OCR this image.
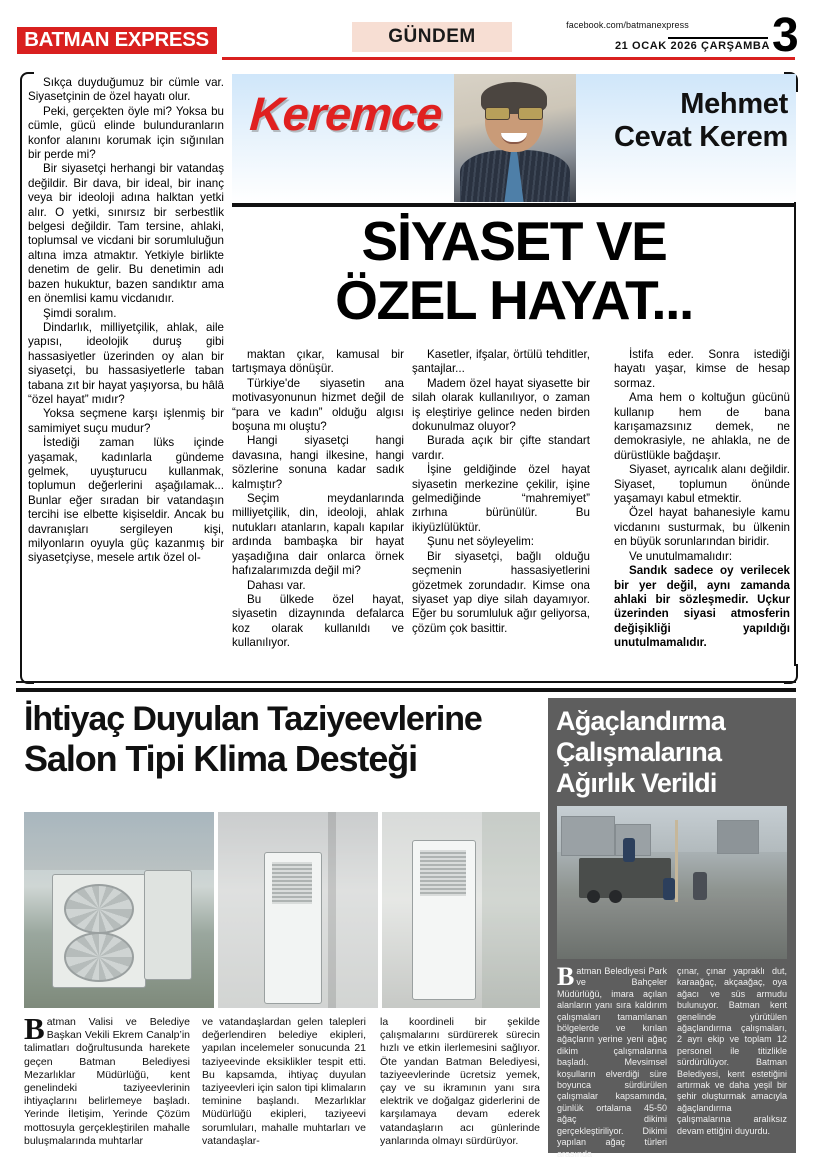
BATMAN EXPRESS	GÜNDEM
facebook.com/batmanexpress
21 OCAK 2026 ÇARŞAMBA 3
Keremce	Mehmet
Cevat Kerem
SİYASET VE
ÖZEL HAYAT...

Sıkça duyduğumuz bir cümle var. Siyasetçinin de özel hayatı olur.

Peki, gerçekten öyle mi? Yoksa bu cümle, gücü elinde bulunduranların konfor alanını korumak için sığınılan bir perde mi?

Bir siyasetçi herhangi bir vatandaş değildir. Bir dava, bir ideal, bir inanç veya bir ideoloji adına halktan yetki alır. O yetki, sınırsız bir serbestlik belgesi değildir. Tam tersine, ahlaki, toplumsal ve vicdani bir sorumluluğun altına imza atmaktır. Yetkiyle birlikte denetim de gelir. Bu denetimin adı bazen hukuktur, bazen sandıktır ama en önemlisi kamu vicdanıdır.

Şimdi soralım.

Dindarlık, milliyetçilik, ahlak, aile yapısı, ideolojik duruş gibi hassasiyetler üzerinden oy alan bir siyasetçi, bu hassasiyetlerle taban tabana zıt bir hayat yaşıyorsa, bu hâlâ “özel hayat” mıdır?

Yoksa seçmene karşı işlenmiş bir samimiyet suçu mudur?

İstediği zaman lüks içinde yaşamak, kadınlarla gündeme gelmek, uyuşturucu kullanmak, toplumun değerlerini aşağılamak... Bunlar eğer sıradan bir vatandaşın tercihi ise elbette kişiseldir. Ancak bu davranışları sergileyen kişi, milyonların oyuyla güç kazanmış bir siyasetçiyse, mesele artık özel ol-

maktan çıkar, kamusal bir tartışmaya dönüşür.

Türkiye'de siyasetin ana motivasyonunun hizmet değil de “para ve kadın” olduğu algısı boşuna mı oluştu?

Hangi siyasetçi hangi davasına, hangi ilkesine, hangi sözlerine sonuna kadar sadık kalmıştır?

Seçim meydanlarında milliyetçilik, din, ideoloji, ahlak nutukları atanların, kapalı kapılar ardında bambaşka bir hayat yaşadığına dair onlarca örnek hafızalarımızda değil mi?

Dahası var.

Bu ülkede özel hayat, siyasetin dizaynında defalarca koz olarak kullanıldı ve kullanılıyor.

Kasetler, ifşalar, örtülü tehditler, şantajlar...

Madem özel hayat siyasette bir silah olarak kullanılıyor, o zaman iş eleştiriye gelince neden birden dokunulmaz oluyor?

Burada açık bir çifte standart vardır.

İşine geldiğinde özel hayat siyasetin merkezine çekilir, işine gelmediğinde “mahremiyet” zırhına bürünülür. Bu ikiyüzlülüktür.

Şunu net söyleyelim:

Bir siyasetçi, bağlı olduğu seçmenin hassasiyetlerini gözetmek zorundadır. Kimse ona siyaset yap diye silah dayamıyor. Eğer bu sorumluluk ağır geliyorsa, çözüm çok basittir.

İstifa eder. Sonra istediği hayatı yaşar, kimse de hesap sormaz.

Ama hem o koltuğun gücünü kullanıp hem de bana karışamazsınız demek, ne demokrasiyle, ne ahlakla, ne de dürüstlükle bağdaşır.

Siyaset, ayrıcalık alanı değildir. Siyaset, toplumun önünde yaşamayı kabul etmektir.

Özel hayat bahanesiyle kamu vicdanını susturmak, bu ülkenin en büyük sorunlarından biridir.

Ve unutulmamalıdır:

Sandık sadece oy verilecek bir yer değil, aynı zamanda ahlaki bir sözleşmedir. Uçkur üzerinden siyasi atmosferin değişikliği yapıldığı unutulmamalıdır.

İhtiyaç Duyulan Taziyeevlerine
Salon Tipi Klima Desteği
Batman Valisi ve Belediye Başkan Vekili Ekrem Canalp’in talimatları doğrultusunda harekete geçen Batman Belediyesi Mezarlıklar Müdürlüğü, kent genelindeki taziyeevlerinin ihtiyaçlarını belirlemeye başladı. Yerinde İletişim, Yerinde Çözüm mottosuyla gerçekleştirilen mahalle buluşmalarında muhtarlar
ve vatandaşlardan gelen talepleri değerlendiren belediye ekipleri, yapılan incelemeler sonucunda 21 taziyeevinde eksiklikler tespit etti. Bu kapsamda, ihtiyaç duyulan taziyeevleri için salon tipi klimaların teminine başlandı. Mezarlıklar Müdürlüğü ekipleri, taziyeevi sorumluları, mahalle muhtarları ve vatandaşlar-
la koordineli bir şekilde çalışmalarını sürdürerek sürecin hızlı ve etkin ilerlemesini sağlıyor. Öte yandan Batman Belediyesi, taziyeevlerinde ücretsiz yemek, çay ve su ikramının yanı sıra elektrik ve doğalgaz giderlerini de karşılamaya devam ederek vatandaşların acı günlerinde yanlarında olmayı sürdürüyor.
Ağaçlandırma
Çalışmalarına
Ağırlık Verildi
Batman Belediyesi Park ve Bahçeler Müdürlüğü, imara açılan alanların yanı sıra kaldırım çalışmaları tamamlanan bölgelerde ve kırılan ağaçların yerine yeni ağaç dikim çalışmalarına başladı. Mevsimsel koşulların elverdiği süre boyunca sürdürülen çalışmalar kapsamında, günlük ortalama 45-50 ağaç dikimi gerçekleştiriliyor. Dikimi yapılan ağaç türleri arasında
çınar, çınar yapraklı dut, karaağaç, akçaağaç, oya ağacı ve süs armudu bulunuyor. Batman kent genelinde yürütülen ağaçlandırma çalışmaları, 2 ayrı ekip ve toplam 12 personel ile titizlikle sürdürülüyor. Batman Belediyesi, kent estetiğini artırmak ve daha yeşil bir şehir oluşturmak amacıyla ağaçlandırma çalışmalarına aralıksız devam ettiğini duyurdu.
